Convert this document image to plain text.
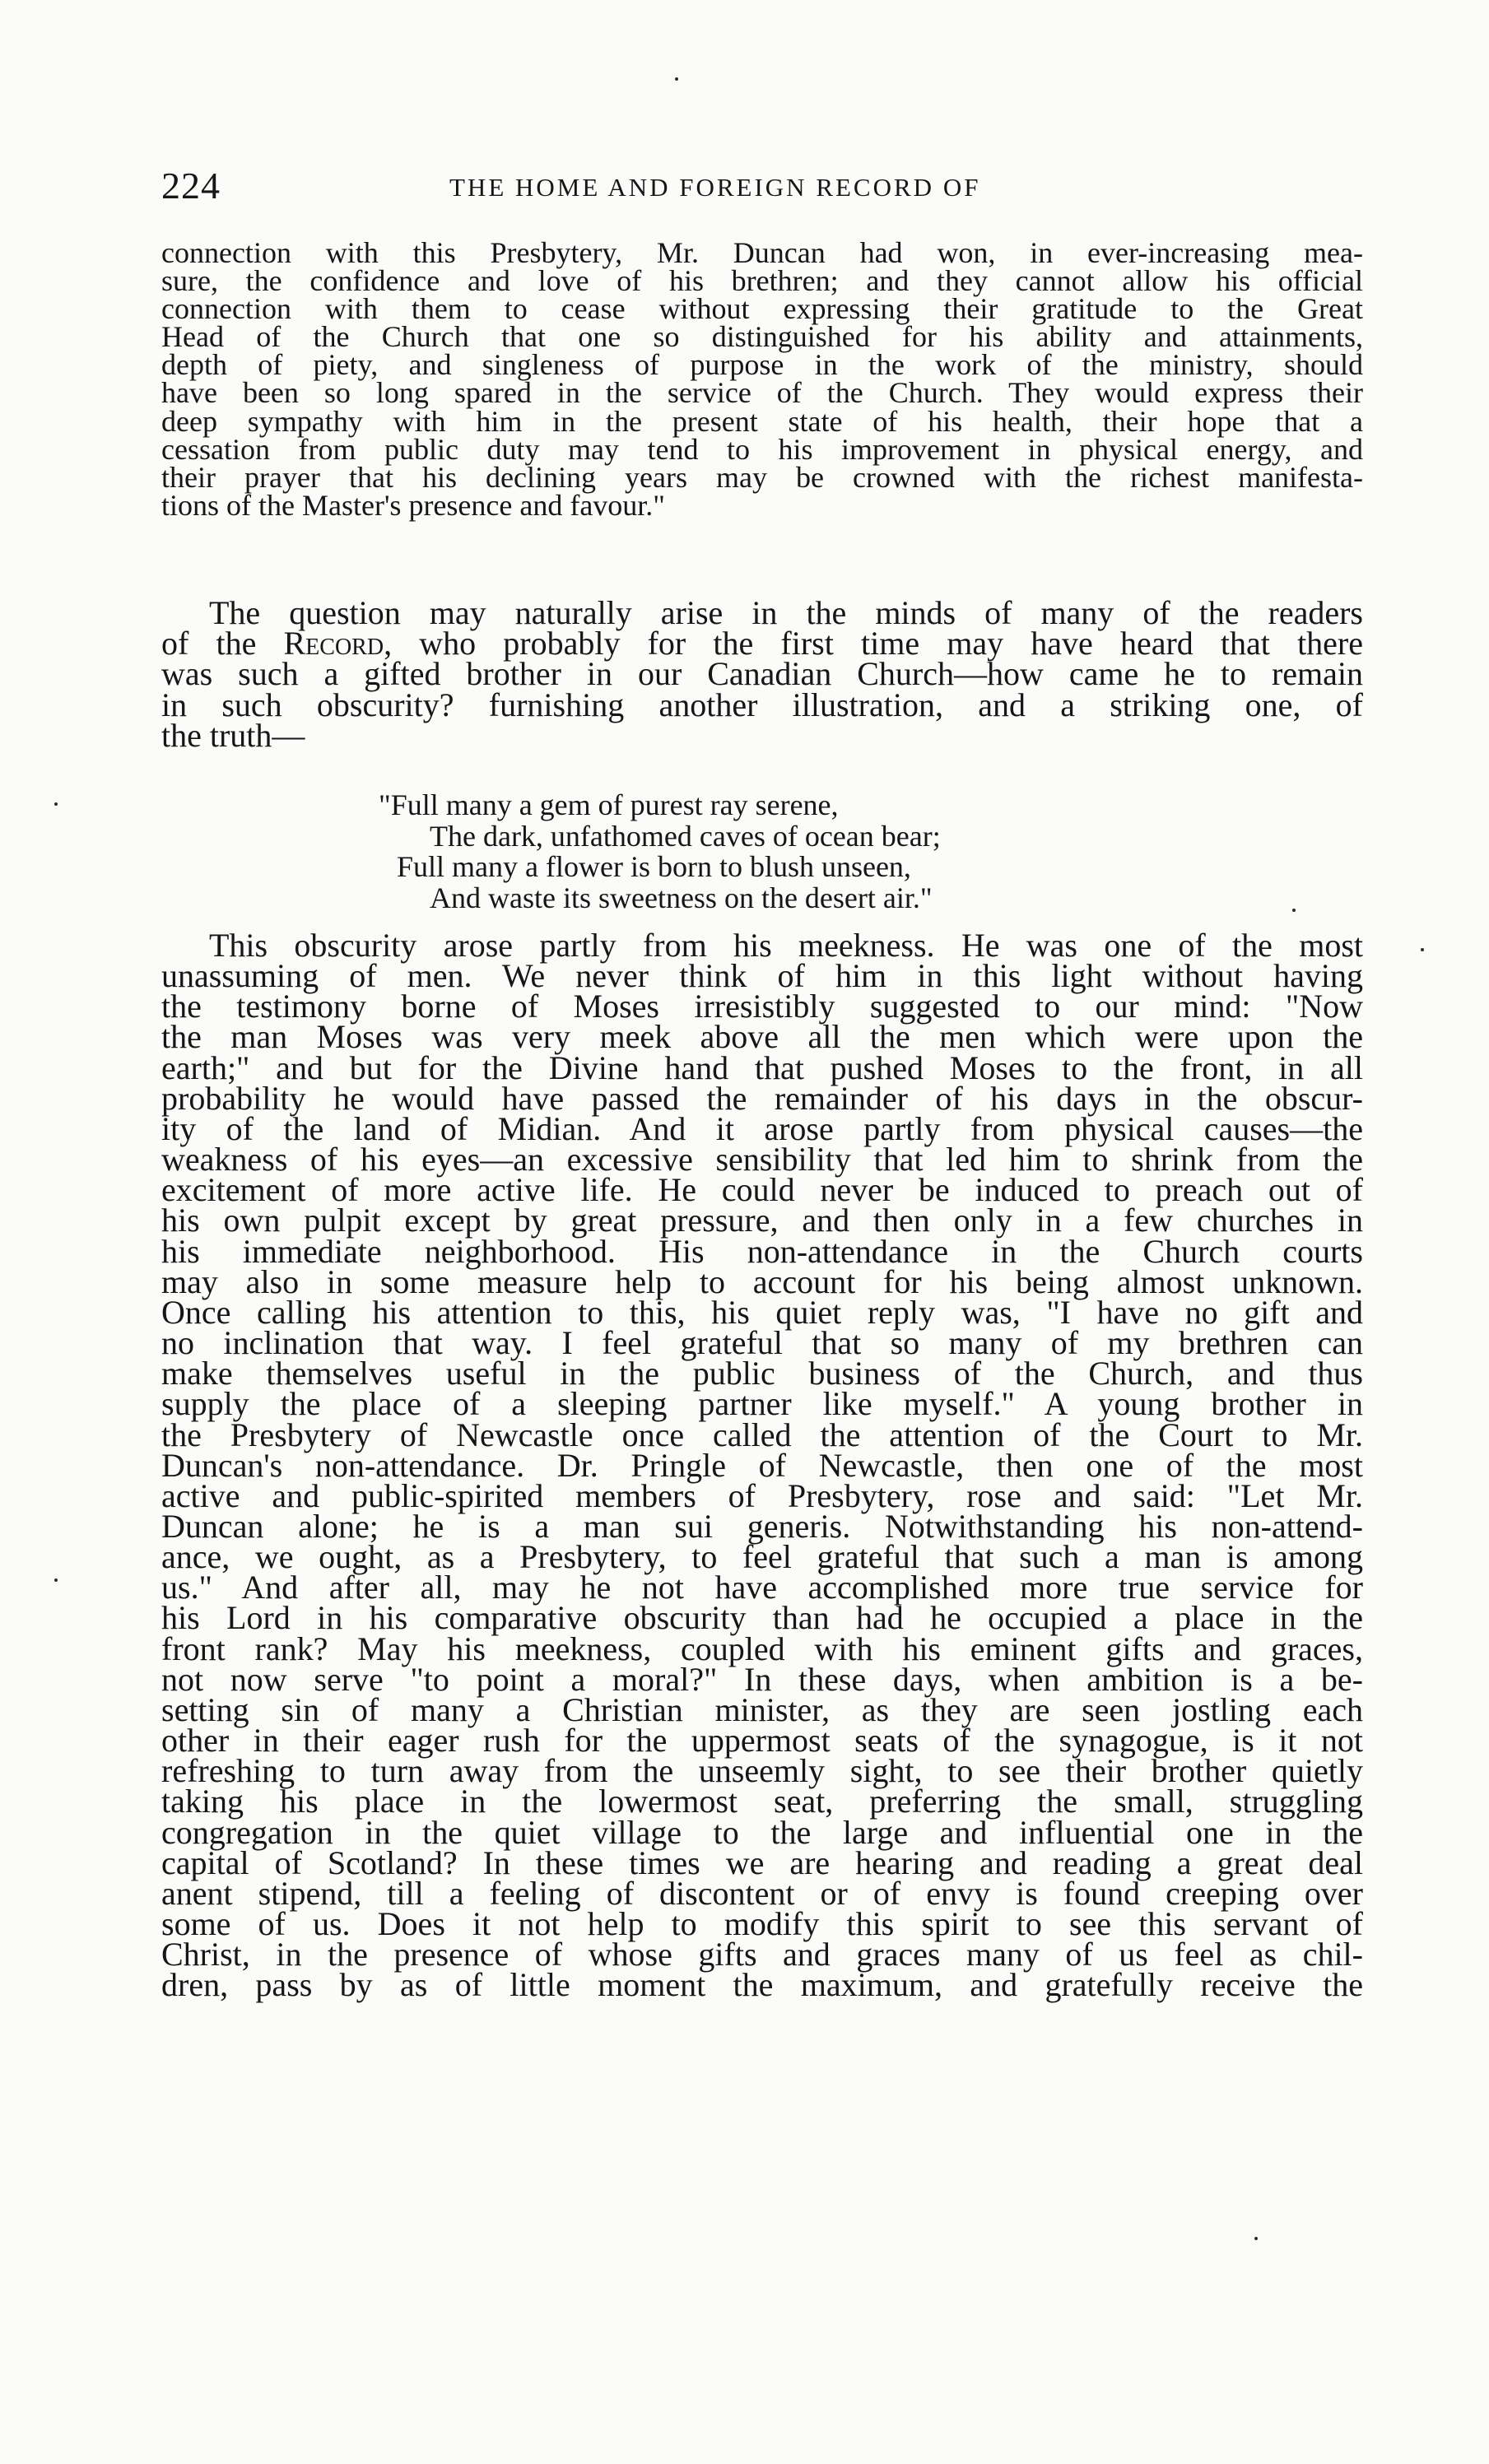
224	THE HOME AND FOREIGN RECORD OF
connection with this Presbytery, Mr. Duncan had won, in ever-increasing mea-
sure, the confidence and love of his brethren; and they cannot allow his official
connection with them to cease without expressing their gratitude to the Great
Head of the Church that one so distinguished for his ability and attainments,
depth of piety, and singleness of purpose in the work of the ministry, should
have been so long spared in the service of the Church. They would express their
deep sympathy with him in the present state of his health, their hope that a
cessation from public duty may tend to his improvement in physical energy, and
their prayer that his declining years may be crowned with the richest manifesta-
tions of the Master's presence and favour."
The question may naturally arise in the minds of many of the readers
of the Record, who probably for the first time may have heard that there
was such a gifted brother in our Canadian Church—how came he to remain
in such obscurity? furnishing another illustration, and a striking one, of
the truth—
"Full many a gem of purest ray serene,
The dark, unfathomed caves of ocean bear;
Full many a flower is born to blush unseen,
And waste its sweetness on the desert air."
This obscurity arose partly from his meekness. He was one of the most
unassuming of men. We never think of him in this light without having
the testimony borne of Moses irresistibly suggested to our mind: "Now
the man Moses was very meek above all the men which were upon the
earth;" and but for the Divine hand that pushed Moses to the front, in all
probability he would have passed the remainder of his days in the obscur-
ity of the land of Midian. And it arose partly from physical causes—the
weakness of his eyes—an excessive sensibility that led him to shrink from the
excitement of more active life. He could never be induced to preach out of
his own pulpit except by great pressure, and then only in a few churches in
his immediate neighborhood. His non-attendance in the Church courts
may also in some measure help to account for his being almost unknown.
Once calling his attention to this, his quiet reply was, "I have no gift and
no inclination that way. I feel grateful that so many of my brethren can
make themselves useful in the public business of the Church, and thus
supply the place of a sleeping partner like myself." A young brother in
the Presbytery of Newcastle once called the attention of the Court to Mr.
Duncan's non-attendance. Dr. Pringle of Newcastle, then one of the most
active and public-spirited members of Presbytery, rose and said: "Let Mr.
Duncan alone; he is a man sui generis. Notwithstanding his non-attend-
ance, we ought, as a Presbytery, to feel grateful that such a man is among
us." And after all, may he not have accomplished more true service for
his Lord in his comparative obscurity than had he occupied a place in the
front rank? May his meekness, coupled with his eminent gifts and graces,
not now serve "to point a moral?" In these days, when ambition is a be-
setting sin of many a Christian minister, as they are seen jostling each
other in their eager rush for the uppermost seats of the synagogue, is it not
refreshing to turn away from the unseemly sight, to see their brother quietly
taking his place in the lowermost seat, preferring the small, struggling
congregation in the quiet village to the large and influential one in the
capital of Scotland? In these times we are hearing and reading a great deal
anent stipend, till a feeling of discontent or of envy is found creeping over
some of us. Does it not help to modify this spirit to see this servant of
Christ, in the presence of whose gifts and graces many of us feel as chil-
dren, pass by as of little moment the maximum, and gratefully receive the
